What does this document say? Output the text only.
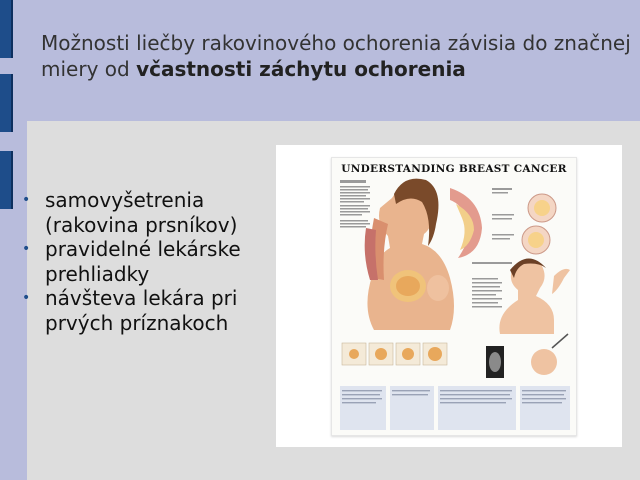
Možnosti liečby rakovinového ochorenia závisia do značnej miery od včastnosti záchytu ochorenia
• samovyšetrenia (rakovina prsníkov)
• pravidelné lekárske prehliadky
• návšteva lekára pri prvých príznakoch
UNDERSTANDING BREAST CANCER
